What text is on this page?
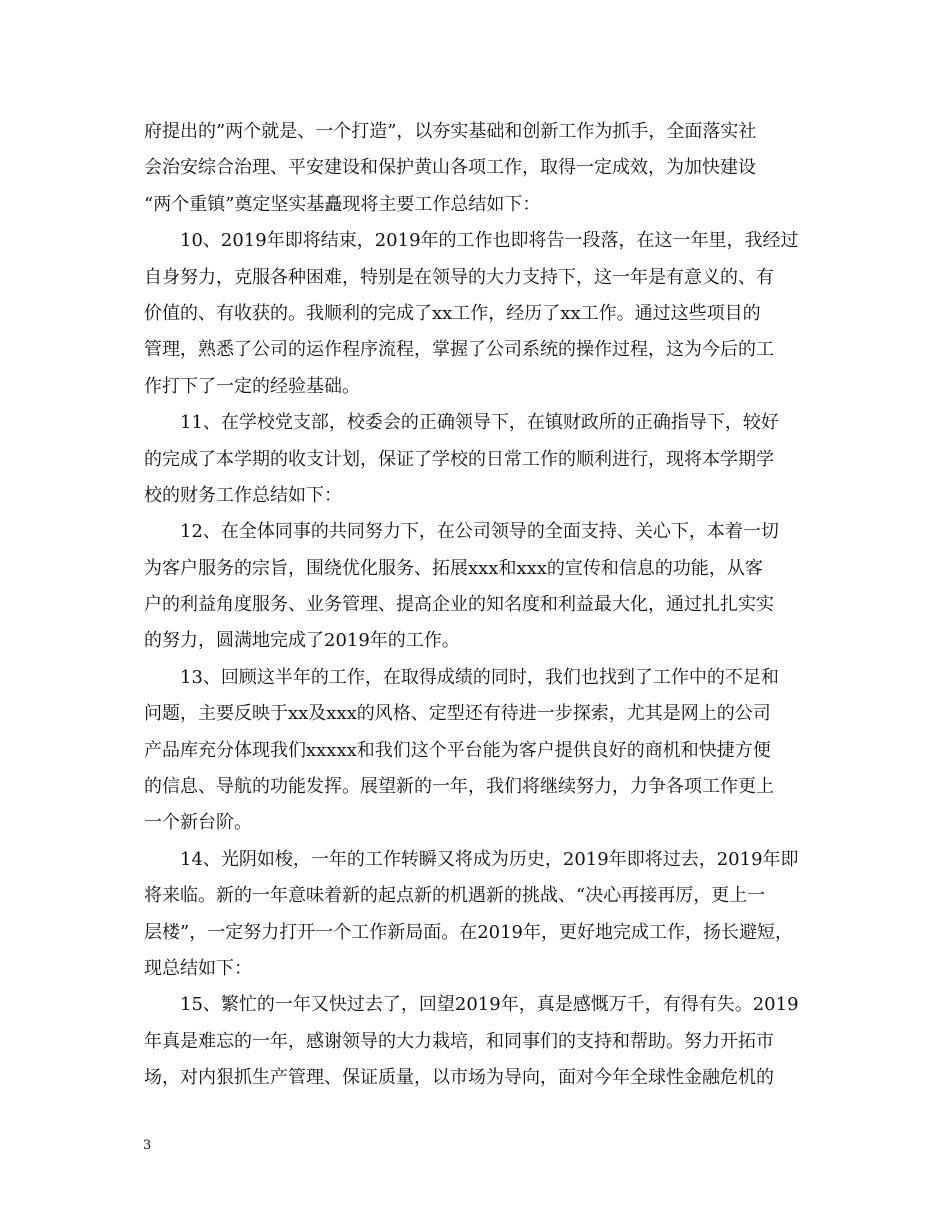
府提出的”两个就是、一个打造”，以夯实基础和创新工作为抓手，全面落实社
会治安综合治理、平安建设和保护黄山各项工作，取得一定成效，为加快建设
“两个重镇”奠定坚实基矗现将主要工作总结如下：
10、2019年即将结束，2019年的工作也即将告一段落，在这一年里，我经过
自身努力，克服各种困难，特别是在领导的大力支持下，这一年是有意义的、有
价值的、有收获的。我顺利的完成了xx工作，经历了xx工作。通过这些项目的
管理，熟悉了公司的运作程序流程，掌握了公司系统的操作过程，这为今后的工
作打下了一定的经验基础。
11、在学校党支部，校委会的正确领导下，在镇财政所的正确指导下，较好
的完成了本学期的收支计划，保证了学校的日常工作的顺利进行，现将本学期学
校的财务工作总结如下：
12、在全体同事的共同努力下，在公司领导的全面支持、关心下，本着一切
为客户服务的宗旨，围绕优化服务、拓展xxx和xxx的宣传和信息的功能，从客
户的利益角度服务、业务管理、提高企业的知名度和利益最大化，通过扎扎实实
的努力，圆满地完成了2019年的工作。
13、回顾这半年的工作，在取得成绩的同时，我们也找到了工作中的不足和
问题，主要反映于xx及xxx的风格、定型还有待进一步探索，尤其是网上的公司
产品库充分体现我们xxxxx和我们这个平台能为客户提供良好的商机和快捷方便
的信息、导航的功能发挥。展望新的一年，我们将继续努力，力争各项工作更上
一个新台阶。
14、光阴如梭，一年的工作转瞬又将成为历史，2019年即将过去，2019年即
将来临。新的一年意味着新的起点新的机遇新的挑战、“决心再接再厉，更上一
层楼”，一定努力打开一个工作新局面。在2019年，更好地完成工作，扬长避短，
现总结如下：
15、繁忙的一年又快过去了，回望2019年，真是感慨万千，有得有失。2019
年真是难忘的一年，感谢领导的大力栽培，和同事们的支持和帮助。努力开拓市
场，对内狠抓生产管理、保证质量，以市场为导向，面对今年全球性金融危机的
3
